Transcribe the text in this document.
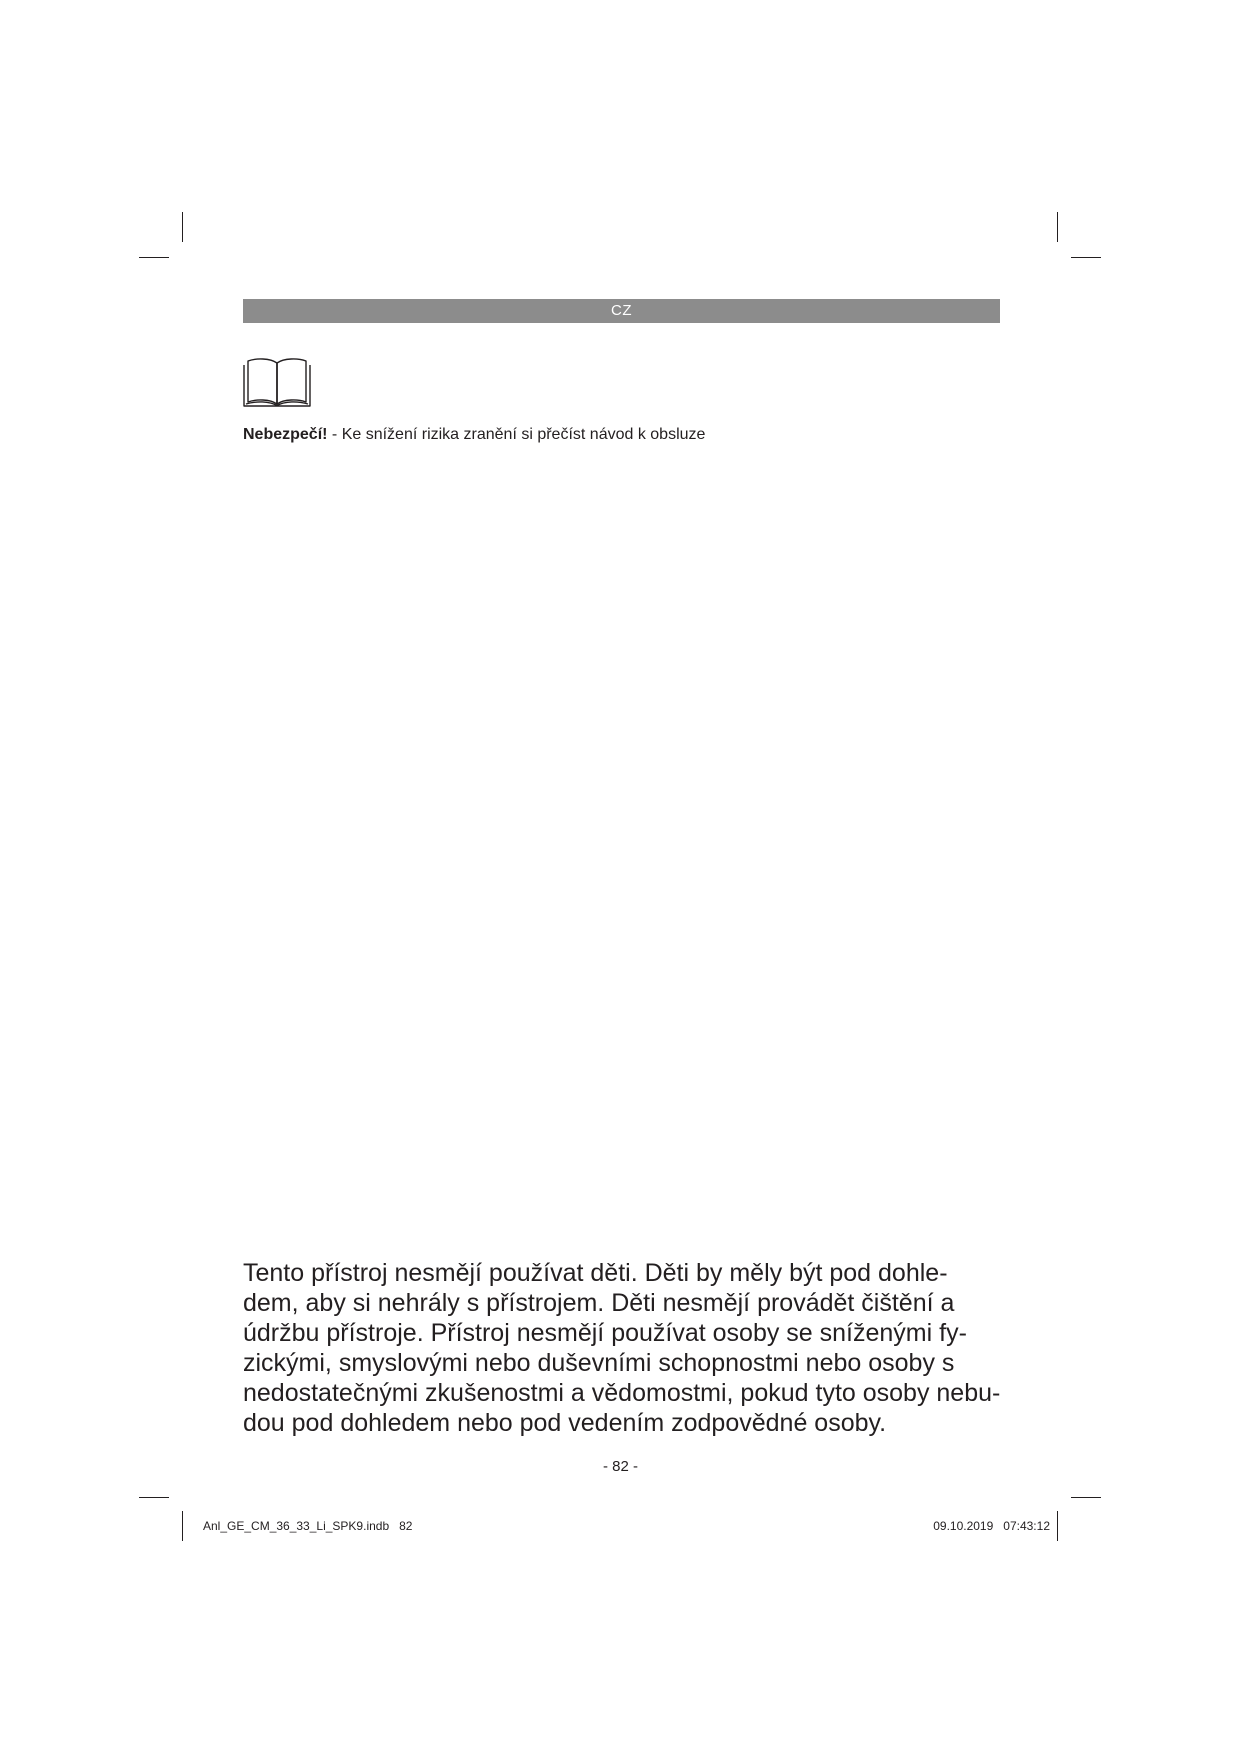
CZ
Nebezpečí! - Ke snížení rizika zranění si přečíst návod k obsluze

Tento přístroj nesmějí používat děti. Děti by měly být pod dohle-
dem, aby si nehrály s přístrojem. Děti nesmějí provádět čištění a
údržbu přístroje. Přístroj nesmějí používat osoby se sníženými fy-
zickými, smyslovými nebo duševními schopnostmi nebo osoby s
nedostatečnými zkušenostmi a vědomostmi, pokud tyto osoby nebu-
dou pod dohledem nebo pod vedením zodpovědné osoby.

- 82 -
Anl_GE_CM_36_33_Li_SPK9.indb   82	09.10.2019   07:43:12
